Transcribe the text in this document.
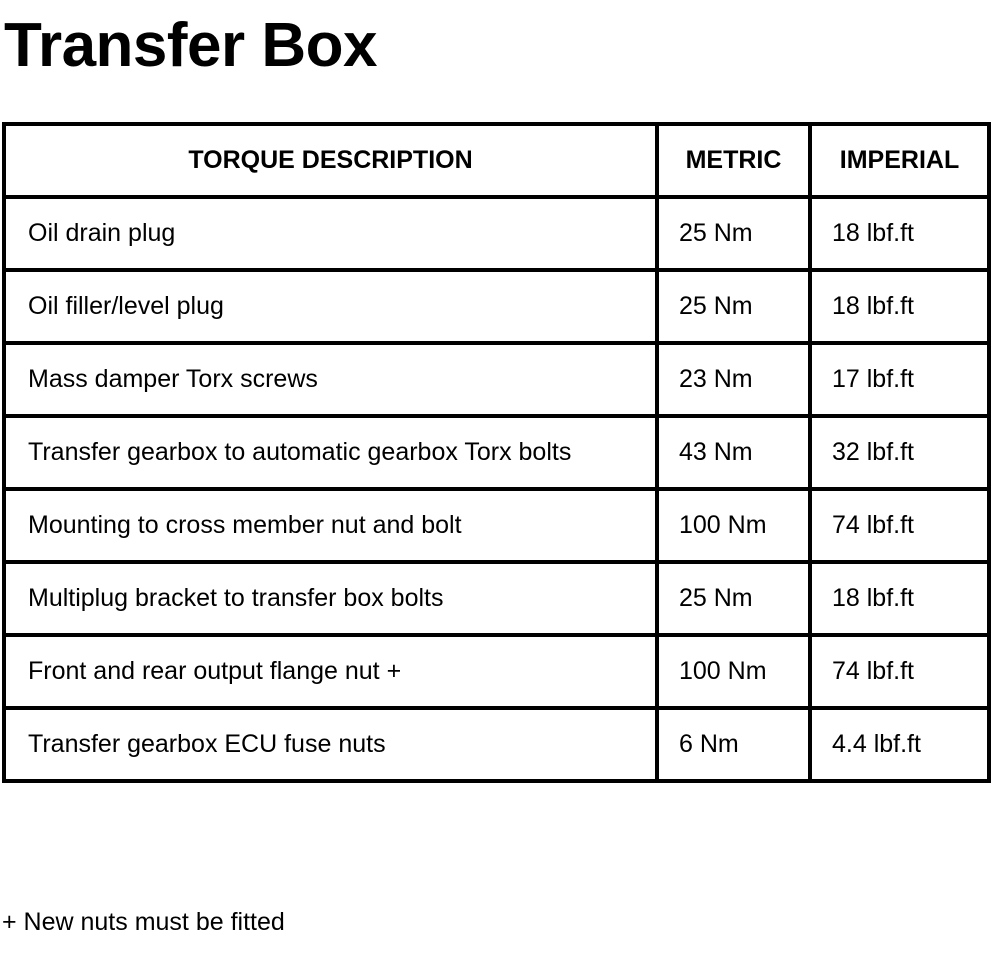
Transfer Box
TORQUE DESCRIPTION	METRIC	IMPERIAL
Oil drain plug	25 Nm	18 lbf.ft
Oil filler/level plug	25 Nm	18 lbf.ft
Mass damper Torx screws	23 Nm	17 lbf.ft
Transfer gearbox to automatic gearbox Torx bolts	43 Nm	32 lbf.ft
Mounting to cross member nut and bolt	100 Nm	74 lbf.ft
Multiplug bracket to transfer box bolts	25 Nm	18 lbf.ft
Front and rear output flange nut +	100 Nm	74 lbf.ft
Transfer gearbox ECU fuse nuts	6 Nm	4.4 lbf.ft

+ New nuts must be fitted
